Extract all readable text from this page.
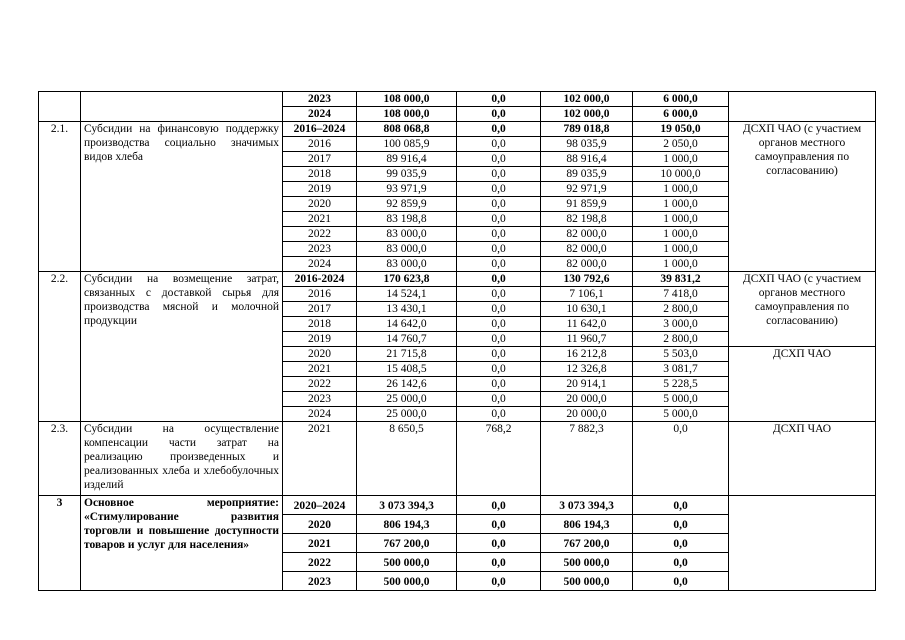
		2023	108 000,0	0,0	102 000,0	6 000,0	
		2024	108 000,0	0,0	102 000,0	6 000,0	
2.1.	Субсидии на финансовую поддержку производства социально значимых видов хлеба	2016–2024	808 068,8	0,0	789 018,8	19 050,0	ДСХП ЧАО (с участием органов местного самоуправления по согласованию)
		2016	100 085,9	0,0	98 035,9	2 050,0	
		2017	89 916,4	0,0	88 916,4	1 000,0	
		2018	99 035,9	0,0	89 035,9	10 000,0	
		2019	93 971,9	0,0	92 971,9	1 000,0	
		2020	92 859,9	0,0	91 859,9	1 000,0	
		2021	83 198,8	0,0	82 198,8	1 000,0	
		2022	83 000,0	0,0	82 000,0	1 000,0	
		2023	83 000,0	0,0	82 000,0	1 000,0	
		2024	83 000,0	0,0	82 000,0	1 000,0	
2.2.	Субсидии на возмещение затрат, связанных с доставкой сырья для производства мясной и молочной продукции	2016-2024	170 623,8	0,0	130 792,6	39 831,2	ДСХП ЧАО (с участием органов местного самоуправления по согласованию)
		2016	14 524,1	0,0	7 106,1	7 418,0	
		2017	13 430,1	0,0	10 630,1	2 800,0	
		2018	14 642,0	0,0	11 642,0	3 000,0	
		2019	14 760,7	0,0	11 960,7	2 800,0	
		2020	21 715,8	0,0	16 212,8	5 503,0	ДСХП ЧАО
		2021	15 408,5	0,0	12 326,8	3 081,7	
		2022	26 142,6	0,0	20 914,1	5 228,5	
		2023	25 000,0	0,0	20 000,0	5 000,0	
		2024	25 000,0	0,0	20 000,0	5 000,0	
2.3.	Субсидии на осуществление компенсации части затрат на реализацию произведенных и реализованных хлеба и хлебобулочных изделий	2021	8 650,5	768,2	7 882,3	0,0	ДСХП ЧАО
3	Основное мероприятие: «Стимулирование развития торговли и повышение доступности товаров и услуг для населения»	2020–2024	3 073 394,3	0,0	3 073 394,3	0,0	
		2020	806 194,3	0,0	806 194,3	0,0	
		2021	767 200,0	0,0	767 200,0	0,0	
		2022	500 000,0	0,0	500 000,0	0,0	
		2023	500 000,0	0,0	500 000,0	0,0	
